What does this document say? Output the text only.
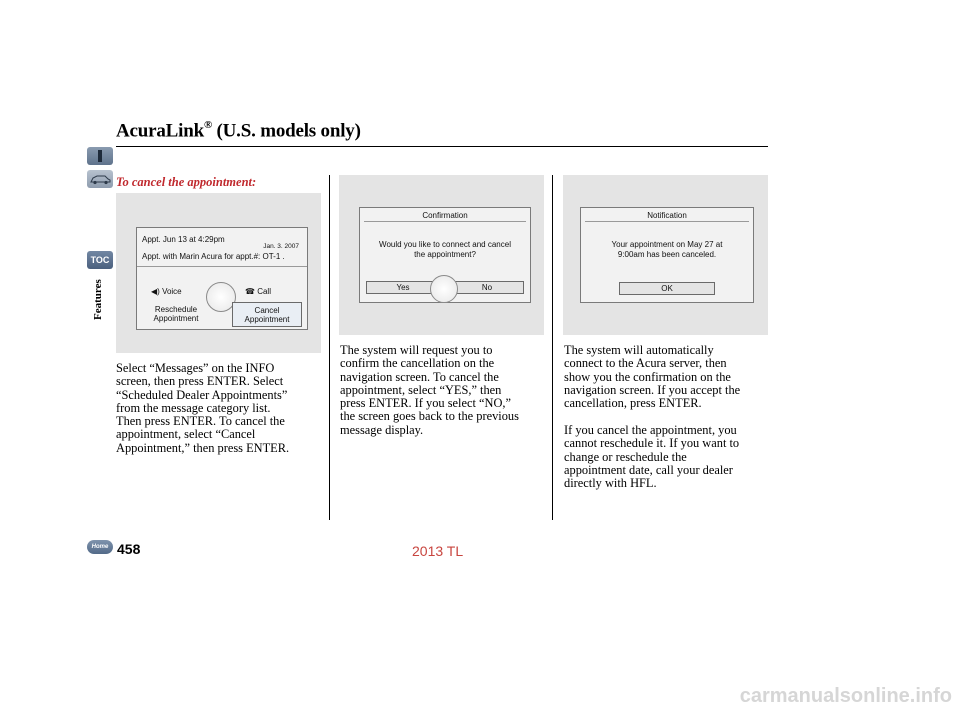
AcuraLink® (U.S. models only)
TOC
Features
To cancel the appointment:
Appt. Jun 13 at 4:29pm
Jan. 3. 2007
Appt. with Marin Acura for appt.#: OT-1 .
◀) Voice	☎ Call
Reschedule
Appointment
Cancel
Appointment
Confirmation
Would you like to connect and cancel
the appointment?
Yes	No
Notification
Your appointment on May 27 at
9:00am has been canceled.
OK
Select “Messages” on the INFO
screen, then press ENTER. Select
“Scheduled Dealer Appointments”
from the message category list.
Then press ENTER. To cancel the
appointment, select “Cancel
Appointment,” then press ENTER.
The system will request you to
confirm the cancellation on the
navigation screen. To cancel the
appointment, select “YES,” then
press ENTER. If you select “NO,”
the screen goes back to the previous
message display.
The system will automatically
connect to the Acura server, then
show you the confirmation on the
navigation screen. If you accept the
cancellation, press ENTER.
If you cancel the appointment, you
cannot reschedule it. If you want to
change or reschedule the
appointment date, call your dealer
directly with HFL.
Home 458	2013 TL
carmanualsonline.info
